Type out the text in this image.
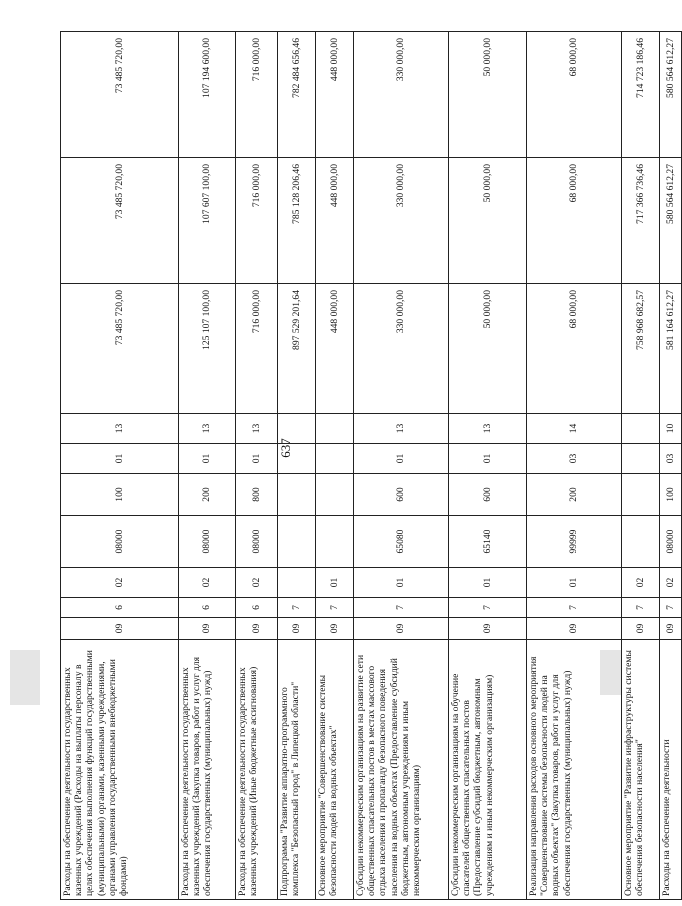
637
Расходы на обеспечение деятельности государственных казенных учреждений (Расходы на выплаты персоналу в целях обеспечения выполнения функций государственными (муниципальными) органами, казенными учреждениями, органами управления государственными внебюджетными фондами)	09	6	02	08000	100	01	13	73 485 720,00	73 485 720,00	73 485 720,00
Расходы на обеспечение деятельности государственных казенных учреждений (Закупка товаров, работ и услуг для обеспечения государственных (муниципальных) нужд)	09	6	02	08000	200	01	13	125 107 100,00	107 607 100,00	107 194 600,00
Расходы на обеспечение деятельности государственных казенных учреждений (Иные бюджетные ассигнования)	09	6	02	08000	800	01	13	716 000,00	716 000,00	716 000,00
Подпрограмма "Развитие аппаратно-программного комплекса "Безопасный город" в Липецкой области"	09	7						897 529 201,64	785 128 206,46	782 484 656,46
Основное мероприятие "Совершенствование системы безопасности людей на водных объектах"	09	7	01					448 000,00	448 000,00	448 000,00
Субсидии некоммерческим организациям на развитие сети общественных спасательных постов в местах массового отдыха населения и пропаганду безопасного поведения населения на водных объектах (Предоставление субсидий бюджетным, автономным учреждениям и иным некоммерческим организациям)	09	7	01	65080	600	01	13	330 000,00	330 000,00	330 000,00
Субсидии некоммерческим организациям на обучение спасателей общественных спасательных постов (Предоставление субсидий бюджетным, автономным учреждениям и иным некоммерческим организациям)	09	7	01	65140	600	01	13	50 000,00	50 000,00	50 000,00
Реализация направления расходов основного мероприятия "Совершенствование системы безопасности людей на водных объектах" (Закупка товаров, работ и услуг для обеспечения государственных (муниципальных) нужд)	09	7	01	99999	200	03	14	68 000,00	68 000,00	68 000,00
Основное мероприятие "Развитие инфраструктуры системы обеспечения безопасности населения"	09	7	02					758 968 682,57	717 366 736,46	714 723 186,46
Расходы на обеспечение деятельности	09	7	02	08000	100	03	10	581 164 612,27	580 564 612,27	580 564 612,27
